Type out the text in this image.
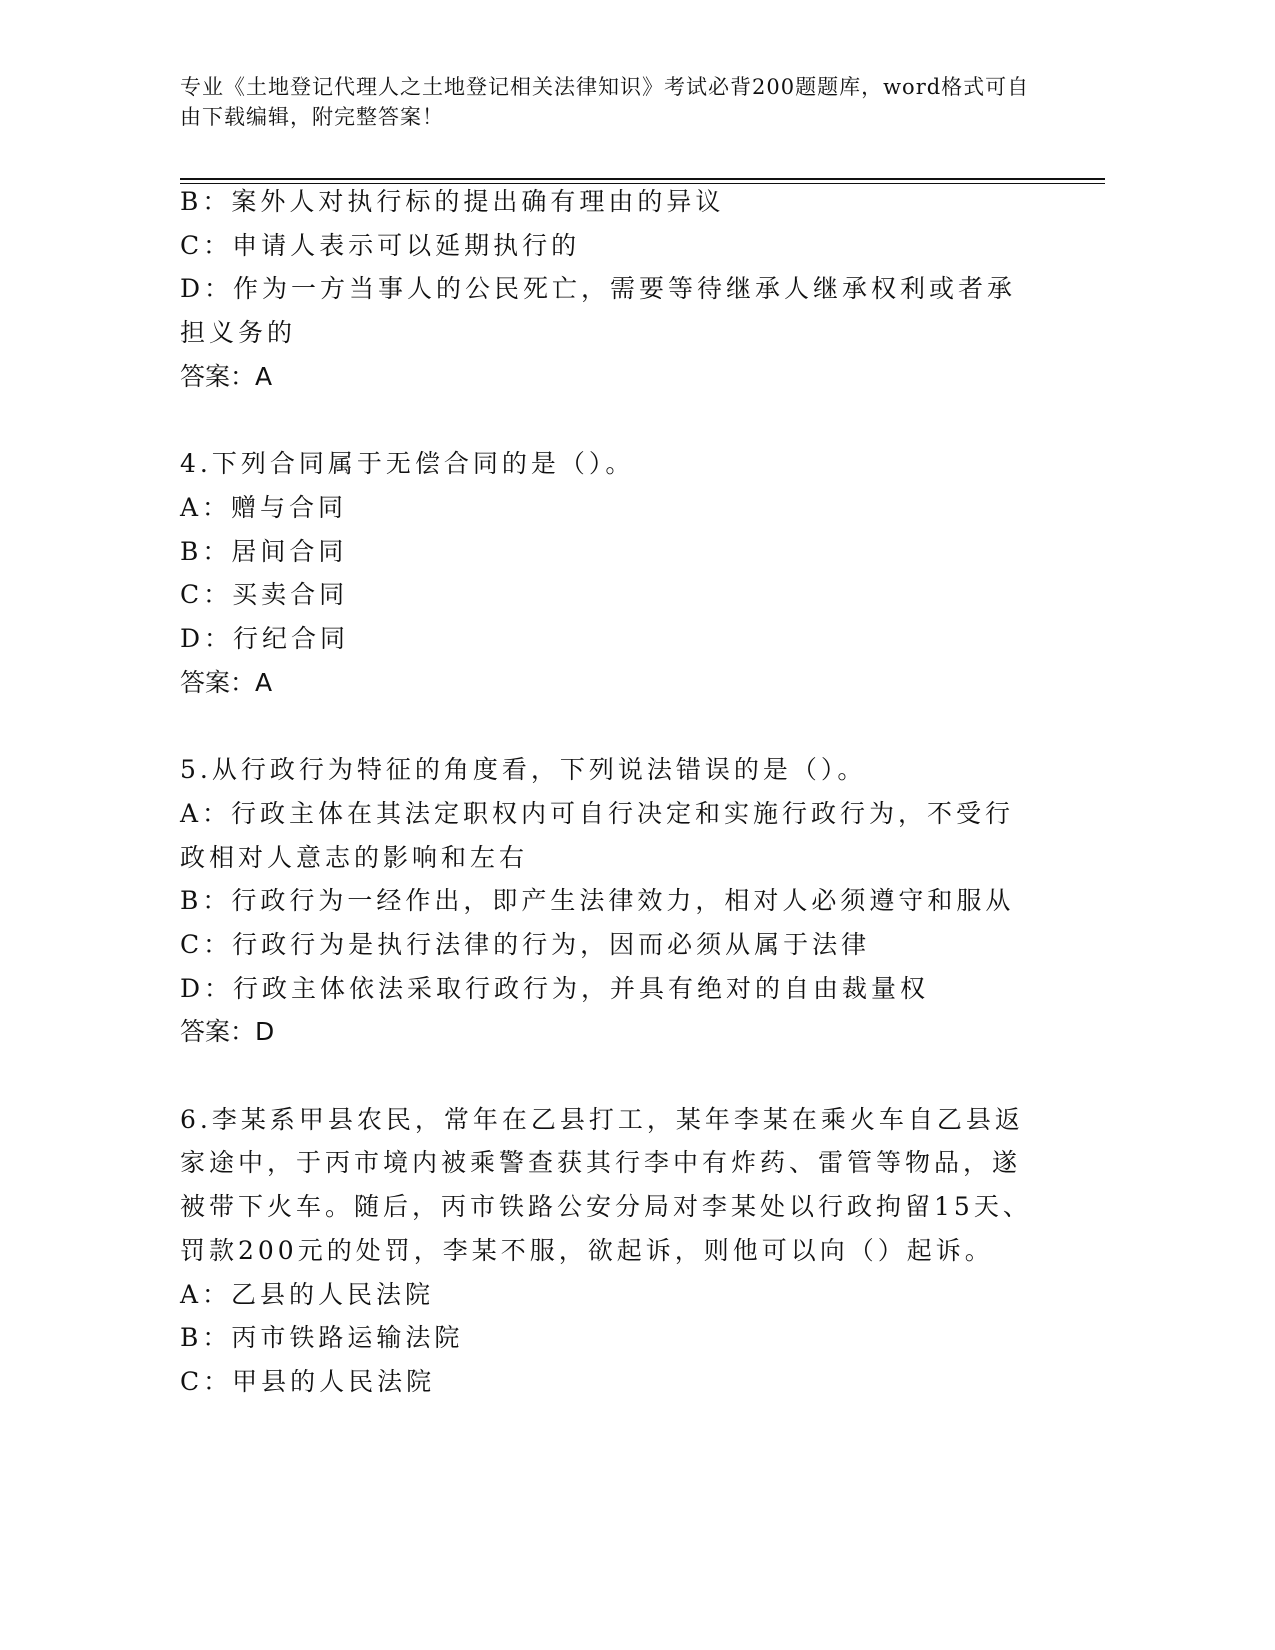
专业《土地登记代理人之土地登记相关法律知识》考试必背200题题库，word格式可自由下载编辑，附完整答案！

B：案外人对执行标的提出确有理由的异议

C：申请人表示可以延期执行的

D：作为一方当事人的公民死亡，需要等待继承人继承权利或者承担义务的

答案：A

4.下列合同属于无偿合同的是（）。

A：赠与合同

B：居间合同

C：买卖合同

D：行纪合同

答案：A

5.从行政行为特征的角度看，下列说法错误的是（）。

A：行政主体在其法定职权内可自行决定和实施行政行为，不受行政相对人意志的影响和左右

B：行政行为一经作出，即产生法律效力，相对人必须遵守和服从

C：行政行为是执行法律的行为，因而必须从属于法律

D：行政主体依法采取行政行为，并具有绝对的自由裁量权

答案：D

6.李某系甲县农民，常年在乙县打工，某年李某在乘火车自乙县返家途中，于丙市境内被乘警查获其行李中有炸药、雷管等物品，遂被带下火车。随后，丙市铁路公安分局对李某处以行政拘留15天、罚款200元的处罚，李某不服，欲起诉，则他可以向（）起诉。

A：乙县的人民法院

B：丙市铁路运输法院

C：甲县的人民法院
